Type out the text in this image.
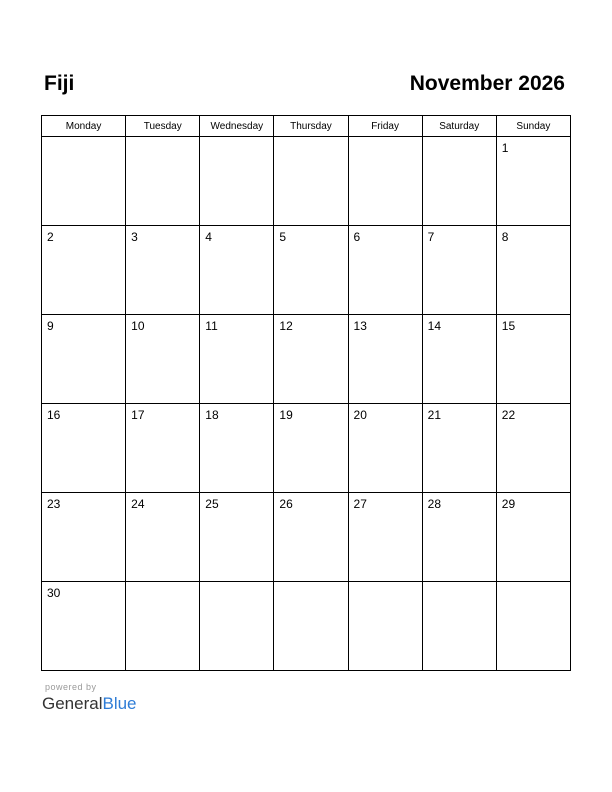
Fiji	November 2026
Monday	Tuesday	Wednesday	Thursday	Friday	Saturday	Sunday

						1

2	3	4	5	6	7	8

9	10	11	12	13	14	15

16	17	18	19	20	21	22

23	24	25	26	27	28	29

30						

powered by
GeneralBlue
